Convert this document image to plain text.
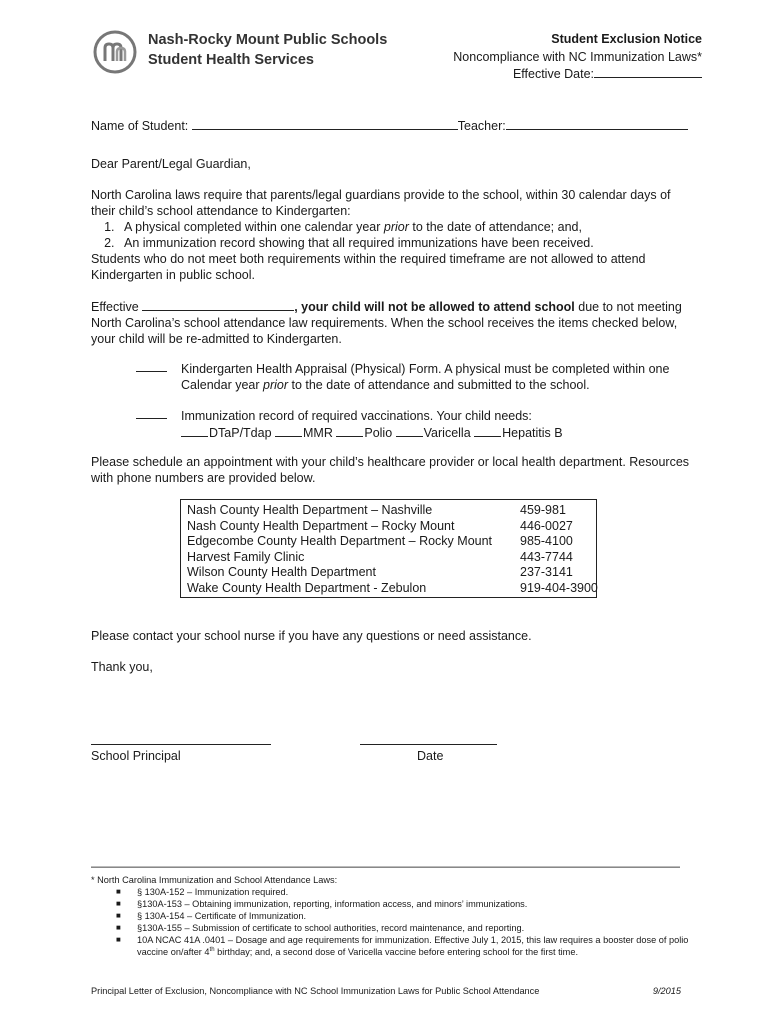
Nash-Rocky Mount Public Schools
Student Health Services
Student Exclusion Notice
Noncompliance with NC Immunization Laws*
Effective Date:
Name of Student:	Teacher:
Dear Parent/Legal Guardian,
North Carolina laws require that parents/legal guardians provide to the school, within 30 calendar days of their child’s school attendance to Kindergarten:
1. A physical completed within one calendar year prior to the date of attendance; and,
2. An immunization record showing that all required immunizations have been received.
Students who do not meet both requirements within the required timeframe are not allowed to attend Kindergarten in public school.
Effective	, your child will not be allowed to attend school due to not meeting North Carolina’s school attendance law requirements. When the school receives the items checked below, your child will be re-admitted to Kindergarten.
Kindergarten Health Appraisal (Physical) Form. A physical must be completed within one Calendar year prior to the date of attendance and submitted to the school.
Immunization record of required vaccinations. Your child needs:
DTaP/Tdap	MMR	Polio	Varicella	Hepatitis B
Please schedule an appointment with your child’s healthcare provider or local health department. Resources with phone numbers are provided below.
Nash County Health Department – Nashville	459-981
Nash County Health Department – Rocky Mount	446-0027
Edgecombe County Health Department – Rocky Mount	985-4100
Harvest Family Clinic	443-7744
Wilson County Health Department	237-3141
Wake County Health Department - Zebulon	919-404-3900
Please contact your school nurse if you have any questions or need assistance.
Thank you,
School Principal	Date
* North Carolina Immunization and School Attendance Laws:
■ § 130A-152 – Immunization required.
■ §130A-153 – Obtaining immunization, reporting, information access, and minors’ immunizations.
■ § 130A-154 – Certificate of Immunization.
■ §130A-155 – Submission of certificate to school authorities, record maintenance, and reporting.
■ 10A NCAC 41A .0401 – Dosage and age requirements for immunization. Effective July 1, 2015, this law requires a booster dose of polio vaccine on/after 4th birthday; and, a second dose of Varicella vaccine before entering school for the first time.
Principal Letter of Exclusion, Noncompliance with NC School Immunization Laws for Public School Attendance	9/2015
